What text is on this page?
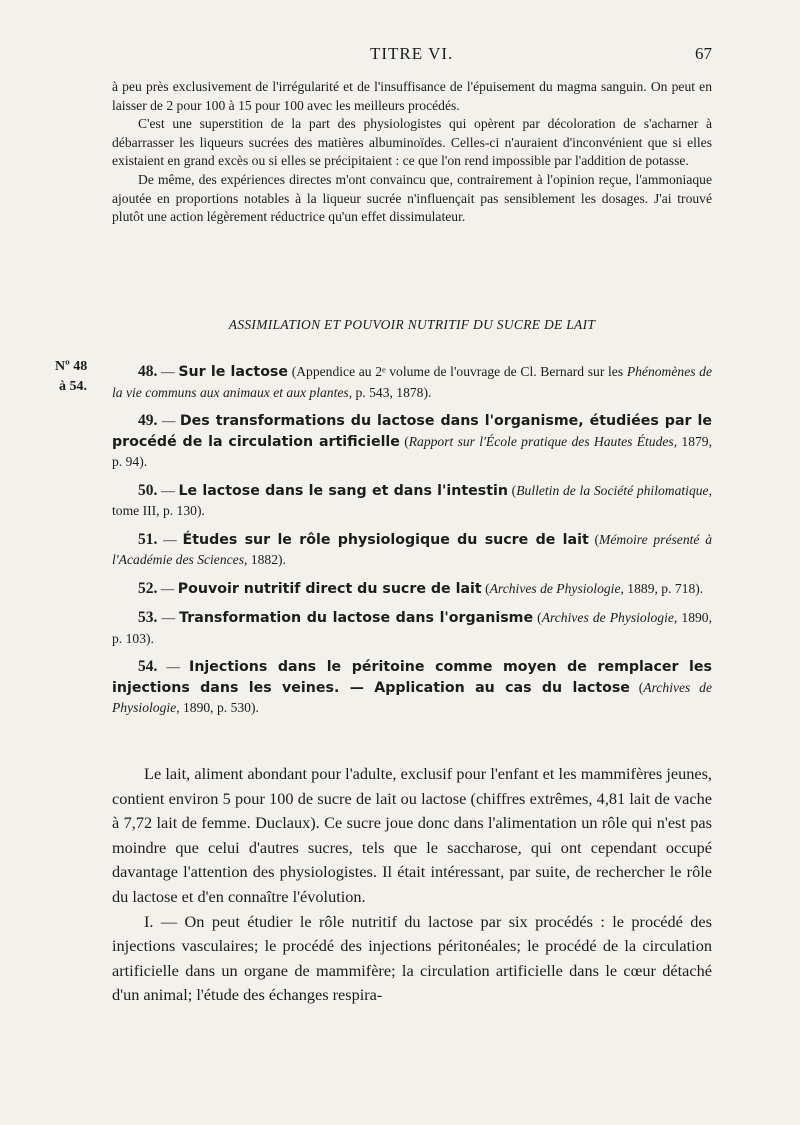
TITRE VI.	67

à peu près exclusivement de l'irrégularité et de l'insuffisance de l'épuisement du magma sanguin. On peut en laisser de 2 pour 100 à 15 pour 100 avec les meilleurs procédés.

C'est une superstition de la part des physiologistes qui opèrent par décoloration de s'acharner à débarrasser les liqueurs sucrées des matières albuminoïdes. Celles-ci n'auraient d'inconvénient que si elles existaient en grand excès ou si elles se précipitaient : ce que l'on rend impossible par l'addition de potasse.

De même, des expériences directes m'ont convaincu que, contrairement à l'opinion reçue, l'ammoniaque ajoutée en proportions notables à la liqueur sucrée n'influençait pas sensiblement les dosages. J'ai trouvé plutôt une action légèrement réductrice qu'un effet dissimulateur.

ASSIMILATION ET POUVOIR NUTRITIF DU SUCRE DE LAIT
Nº 48
à 54.

48. — Sur le lactose (Appendice au 2ᵉ volume de l'ouvrage de Cl. Bernard sur les Phénomènes de la vie communs aux animaux et aux plantes, p. 543, 1878).

49. — Des transformations du lactose dans l'organisme, étudiées par le procédé de la circulation artificielle (Rapport sur l'École pratique des Hautes Études, 1879, p. 94).

50. — Le lactose dans le sang et dans l'intestin (Bulletin de la Société philomatique, tome III, p. 130).

51. — Études sur le rôle physiologique du sucre de lait (Mémoire présenté à l'Académie des Sciences, 1882).

52. — Pouvoir nutritif direct du sucre de lait (Archives de Physiologie, 1889, p. 718).

53. — Transformation du lactose dans l'organisme (Archives de Physiologie, 1890, p. 103).

54. — Injections dans le péritoine comme moyen de remplacer les injections dans les veines. — Application au cas du lactose (Archives de Physiologie, 1890, p. 530).

Le lait, aliment abondant pour l'adulte, exclusif pour l'enfant et les mammifères jeunes, contient environ 5 pour 100 de sucre de lait ou lactose (chiffres extrêmes, 4,81 lait de vache à 7,72 lait de femme. Duclaux). Ce sucre joue donc dans l'alimentation un rôle qui n'est pas moindre que celui d'autres sucres, tels que le saccharose, qui ont cependant occupé davantage l'attention des physiologistes. Il était intéressant, par suite, de rechercher le rôle du lactose et d'en connaître l'évolution.

I. — On peut étudier le rôle nutritif du lactose par six procédés : le procédé des injections vasculaires; le procédé des injections péritonéales; le procédé de la circulation artificielle dans un organe de mammifère; la circulation artificielle dans le cœur détaché d'un animal; l'étude des échanges respira-
